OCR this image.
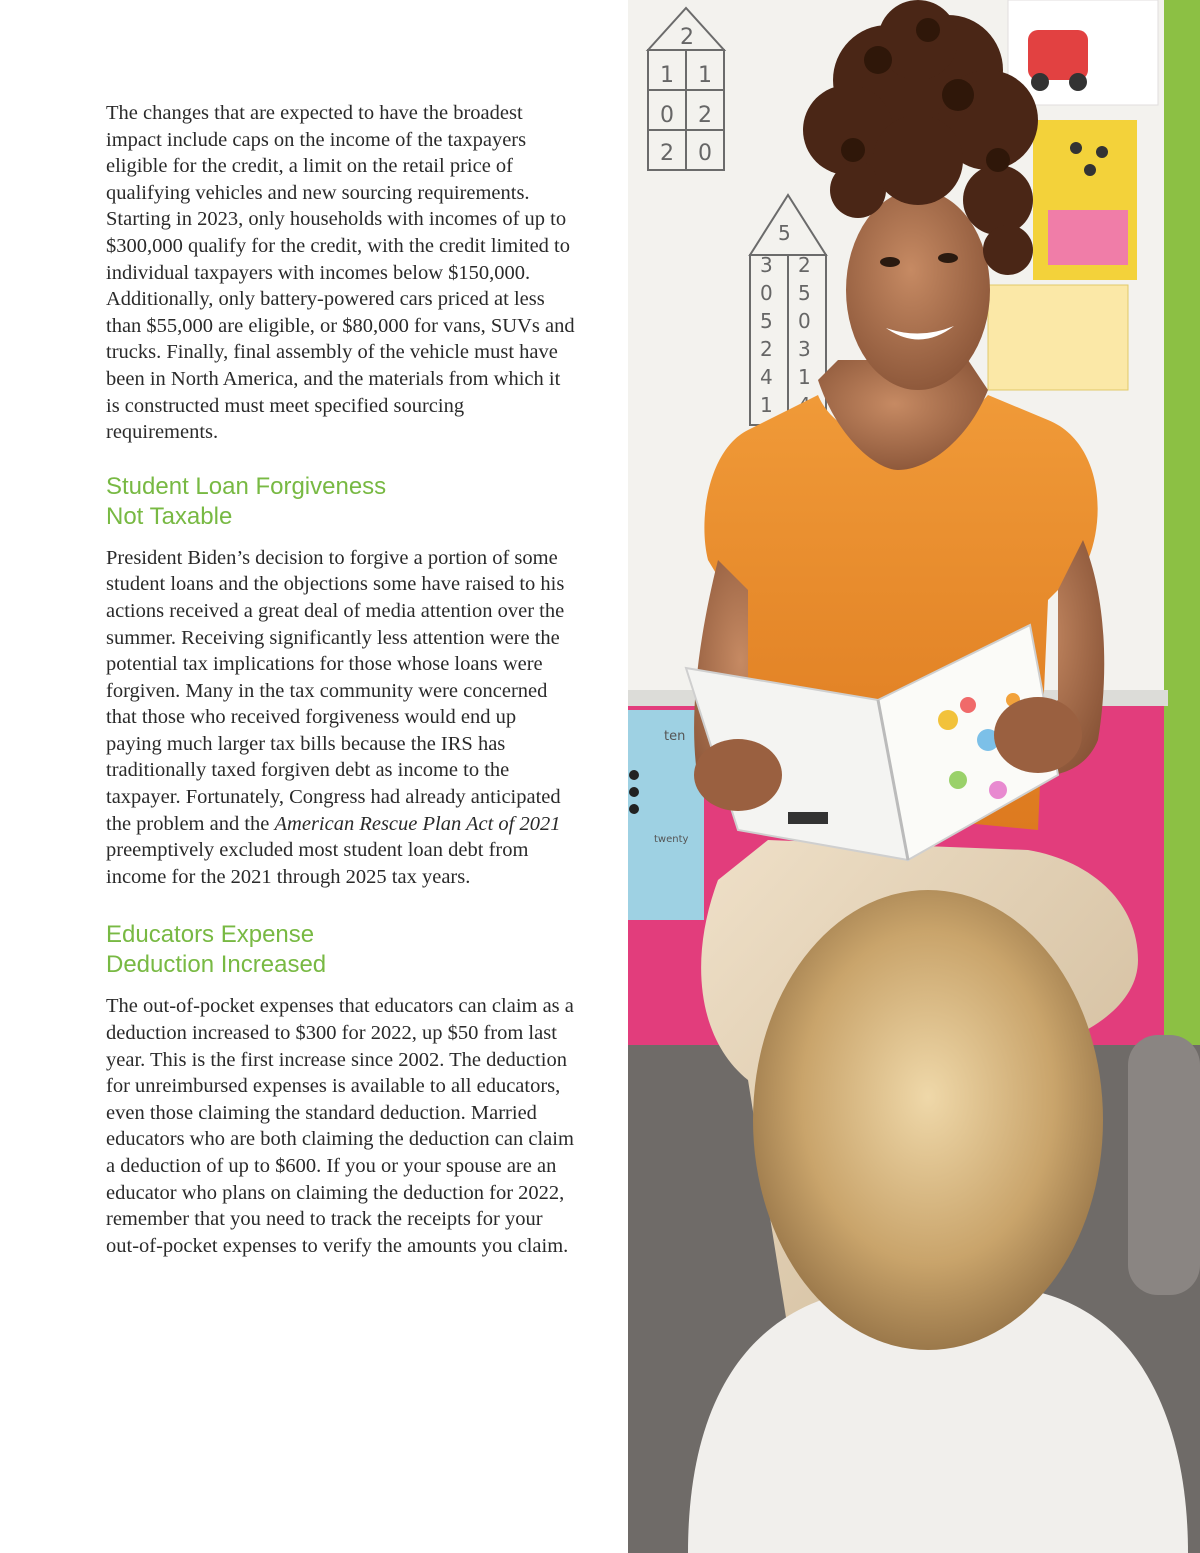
The changes that are expected to have the broadest impact include caps on the income of the taxpayers eligible for the credit, a limit on the retail price of qualifying vehicles and new sourcing requirements. Starting in 2023, only households with incomes of up to $300,000 qualify for the credit, with the credit limited to individual taxpayers with incomes below $150,000. Additionally, only battery-powered cars priced at less than $55,000 are eligible, or $80,000 for vans, SUVs and trucks. Finally, final assembly of the vehicle must have been in North America, and the materials from which it is constructed must meet specified sourcing requirements.

Student Loan Forgiveness
Not Taxable

President Biden’s decision to forgive a portion of some student loans and the objections some have raised to his actions received a great deal of media attention over the summer. Receiving significantly less attention were the potential tax implications for those whose loans were forgiven. Many in the tax community were concerned that those who received forgiveness would end up paying much larger tax bills because the IRS has traditionally taxed forgiven debt as income to the taxpayer. Fortunately, Congress had already anticipated the problem and the American Rescue Plan Act of 2021 preemptively excluded most student loan debt from income for the 2021 through 2025 tax years.

Educators Expense
Deduction Increased

The out-of-pocket expenses that educators can claim as a deduction increased to $300 for 2022, up $50 from last year. This is the first increase since 2002. The deduction for unreimbursed expenses is available to all educators, even those claiming the standard deduction. Married educators who are both claiming the deduction can claim a deduction of up to $600. If you or your spouse are an educator who plans on claiming the deduction for 2022, remember that you need to track the receipts for your out-of-pocket expenses to verify the amounts you claim.

2
1 1
0 2
2 0
5
3 2
0 5
5 0
2 3
4 1
1
ten
twenty
